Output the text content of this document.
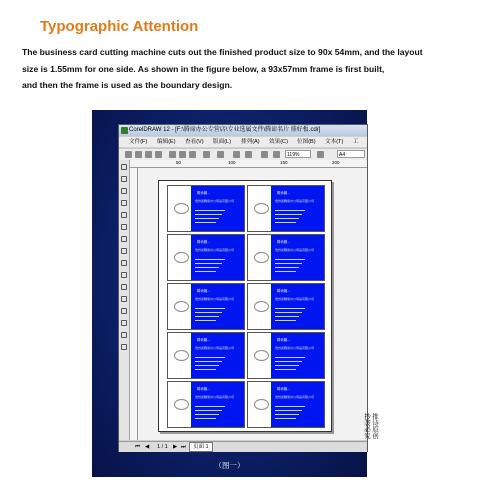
Typographic Attention
The business card cutting machine cuts out the finished product size to 90x 54mm, and the layout
size is 1.55mm for one side. As shown in the figure below, a 93x57mm frame is first built,
and then the frame is used as the boundary design.
CorelDRAW 12 - [F:\腾谛办公专营店\专业选属文件\腾谛名片 排好板.cdr]
文件(F) 编辑(E) 查看(V) 版面(L) 排列(A) 效果(C) 位图(B) 文本(T) 工
119%	A4
50	100	150	200
腾谛罐...
贵州省腾谛办公用品有限公司
腾谛罐...
贵州省腾谛办公用品有限公司
腾谛罐...
贵州省腾谛办公用品有限公司
腾谛罐...
贵州省腾谛办公用品有限公司
腾谛罐...
贵州省腾谛办公用品有限公司
腾谛罐...
贵州省腾谛办公用品有限公司
腾谛罐...
贵州省腾谛办公用品有限公司
腾谛罐...
贵州省腾谛办公用品有限公司
腾谛罐...
贵州省腾谛办公用品有限公司
腾谛罐...
贵州省腾谛办公用品有限公司
推诗原创 抄袭必究
⏮ ◀ 1 / 1 ▶ ⏭	页面 1
（图一）
